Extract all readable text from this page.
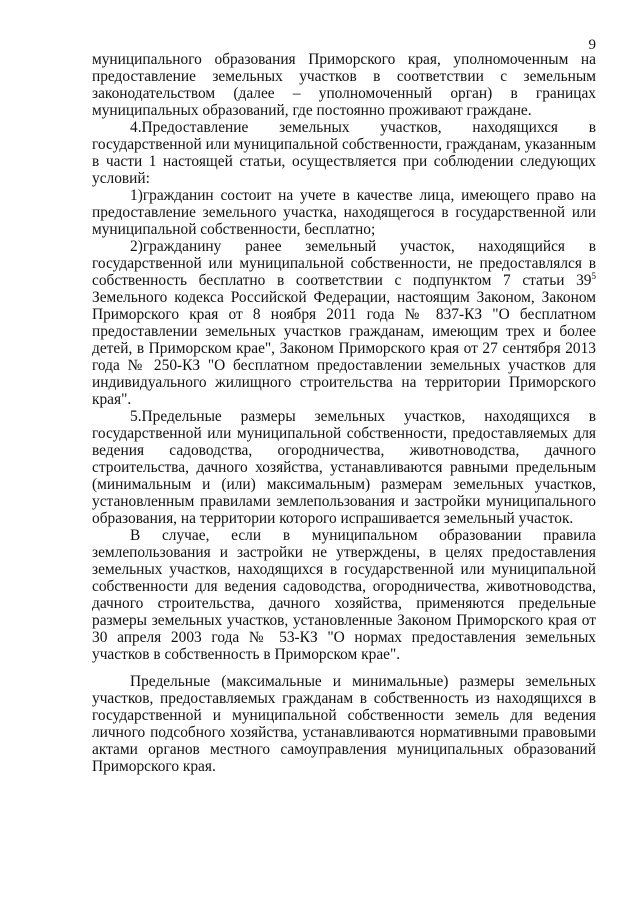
9

муниципального образования Приморского края, уполномоченным на предоставление земельных участков в соответствии с земельным законодательством (далее – уполномоченный орган) в границах муниципальных образований, где постоянно проживают граждане.

4.Предоставление земельных участков, находящихся в государственной или муниципальной собственности, гражданам, указанным в части 1 настоящей статьи, осуществляется при соблюдении следующих условий:

1)гражданин состоит на учете в качестве лица, имеющего право на предоставление земельного участка, находящегося в государственной или муниципальной собственности, бесплатно;

2)гражданину ранее земельный участок, находящийся в государственной или муниципальной собственности, не предоставлялся в собственность бесплатно в соответствии с подпунктом 7 статьи $39^5$ Земельного кодекса Российской Федерации, настоящим Законом, Законом Приморского края от 8 ноября 2011 года № 837-КЗ "О бесплатном предоставлении земельных участков гражданам, имеющим трех и более детей, в Приморском крае", Законом Приморского края от 27 сентября 2013 года № 250-КЗ "О бесплатном предоставлении земельных участков для индивидуального жилищного строительства на территории Приморского края".

5.Предельные размеры земельных участков, находящихся в государственной или муниципальной собственности, предоставляемых для ведения садоводства, огородничества, животноводства, дачного строительства, дачного хозяйства, устанавливаются равными предельным (минимальным и (или) максимальным) размерам земельных участков, установленным правилами землепользования и застройки муниципального образования, на территории которого испрашивается земельный участок.

В случае, если в муниципальном образовании правила землепользования и застройки не утверждены, в целях предоставления земельных участков, находящихся в государственной или муниципальной собственности для ведения садоводства, огородничества, животноводства, дачного строительства, дачного хозяйства, применяются предельные размеры земельных участков, установленные Законом Приморского края от 30 апреля 2003 года № 53-КЗ "О нормах предоставления земельных участков в собственность в Приморском крае".

Предельные (максимальные и минимальные) размеры земельных участков, предоставляемых гражданам в собственность из находящихся в государственной и муниципальной собственности земель для ведения личного подсобного хозяйства, устанавливаются нормативными правовыми актами органов местного самоуправления муниципальных образований Приморского края.
